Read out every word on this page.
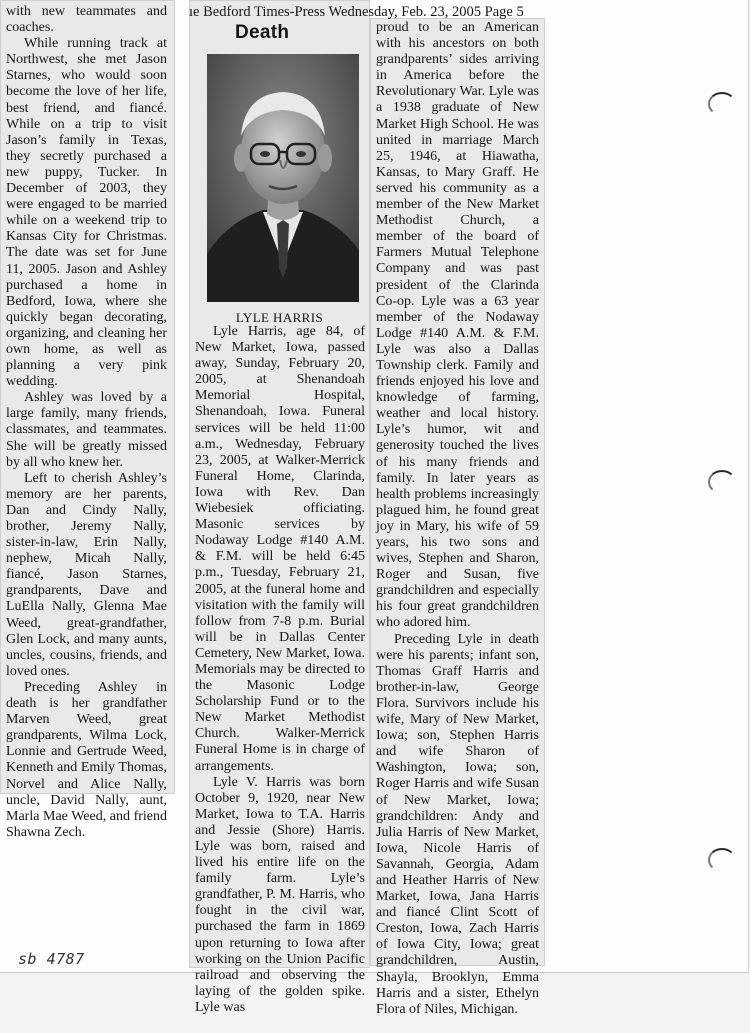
with new teammates and coaches.

While running track at Northwest, she met Jason Starnes, who would soon become the love of her life, best friend, and fiancé. While on a trip to visit Jason’s family in Texas, they secretly purchased a new puppy, Tucker. In December of 2003, they were engaged to be married while on a weekend trip to Kansas City for Christmas. The date was set for June 11, 2005. Jason and Ashley purchased a home in Bedford, Iowa, where she quickly began decorating, organizing, and cleaning her own home, as well as planning a very pink wedding.

Ashley was loved by a large family, many friends, classmates, and teammates. She will be greatly missed by all who knew her.

Left to cherish Ashley’s memory are her parents, Dan and Cindy Nally, brother, Jeremy Nally, sister-in-law, Erin Nally, nephew, Micah Nally, fiancé, Jason Starnes, grandparents, Dave and LuElla Nally, Glenna Mae Weed, great-grandfather, Glen Lock, and many aunts, uncles, cousins, friends, and loved ones.

Preceding Ashley in death is her grandfather Marven Weed, great grandparents, Wilma Lock, Lonnie and Gertrude Weed, Kenneth and Emily Thomas, Norvel and Alice Nally, uncle, David Nally, aunt, Marla Mae Weed, and friend Shawna Zech.

ıe Bedford Times-Press Wednesday, Feb. 23, 2005 Page 5
Death
LYLE HARRIS

Lyle Harris, age 84, of New Market, Iowa, passed away, Sunday, February 20, 2005, at Shenandoah Memorial Hospital, Shenandoah, Iowa. Funeral services will be held 11:00 a.m., Wednesday, February 23, 2005, at Walker-Merrick Funeral Home, Clarinda, Iowa with Rev. Dan Wiebesiek officiating. Masonic services by Nodaway Lodge #140 A.M. & F.M. will be held 6:45 p.m., Tuesday, February 21, 2005, at the funeral home and visitation with the family will follow from 7-8 p.m. Burial will be in Dallas Center Cemetery, New Market, Iowa. Memorials may be directed to the Masonic Lodge Scholarship Fund or to the New Market Methodist Church. Walker-Merrick Funeral Home is in charge of arrangements.

Lyle V. Harris was born October 9, 1920, near New Market, Iowa to T.A. Harris and Jessie (Shore) Harris. Lyle was born, raised and lived his entire life on the family farm. Lyle’s grandfather, P. M. Harris, who fought in the civil war, purchased the farm in 1869 upon returning to Iowa after working on the Union Pacific railroad and observing the laying of the golden spike. Lyle was

proud to be an American with his ancestors on both grandparents’ sides arriving in America before the Revolutionary War. Lyle was a 1938 graduate of New Market High School. He was united in marriage March 25, 1946, at Hiawatha, Kansas, to Mary Graff. He served his community as a member of the New Market Methodist Church, a member of the board of Farmers Mutual Telephone Company and was past president of the Clarinda Co-op. Lyle was a 63 year member of the Nodaway Lodge #140 A.M. & F.M. Lyle was also a Dallas Township clerk. Family and friends enjoyed his love and knowledge of farming, weather and local history. Lyle’s humor, wit and generosity touched the lives of his many friends and family. In later years as health problems increasingly plagued him, he found great joy in Mary, his wife of 59 years, his two sons and wives, Stephen and Sharon, Roger and Susan, five grandchildren and especially his four great grandchildren who adored him.

Preceding Lyle in death were his parents; infant son, Thomas Graff Harris and brother-in-law, George Flora. Survivors include his wife, Mary of New Market, Iowa; son, Stephen Harris and wife Sharon of Washington, Iowa; son, Roger Harris and wife Susan of New Market, Iowa; grandchildren: Andy and Julia Harris of New Market, Iowa, Nicole Harris of Savannah, Georgia, Adam and Heather Harris of New Market, Iowa, Jana Harris and fiancé Clint Scott of Creston, Iowa, Zach Harris of Iowa City, Iowa; great grandchildren, Austin, Shayla, Brooklyn, Emma Harris and a sister, Ethelyn Flora of Niles, Michigan.

sb 4787
